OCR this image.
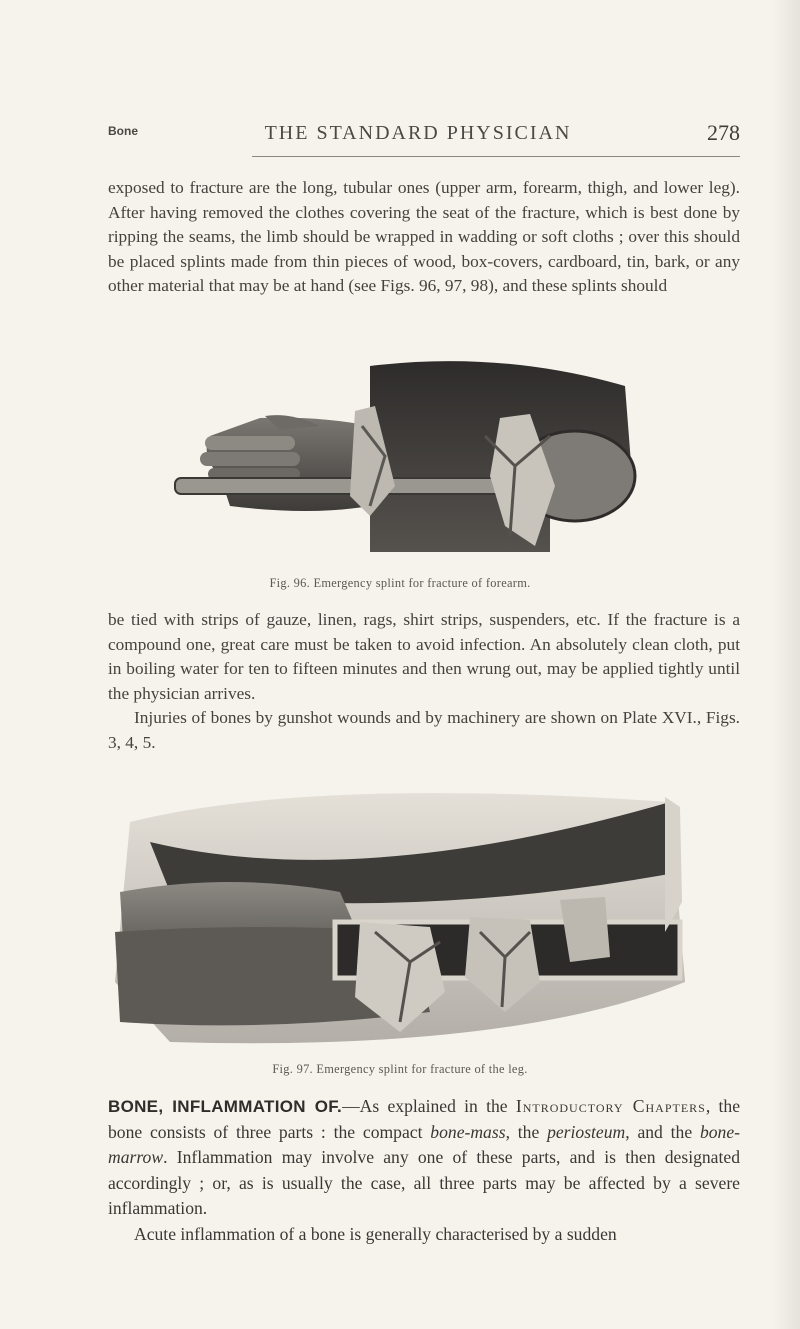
Bone	THE STANDARD PHYSICIAN	278

exposed to fracture are the long, tubular ones (upper arm, forearm, thigh, and lower leg). After having removed the clothes covering the seat of the fracture, which is best done by ripping the seams, the limb should be wrapped in wadding or soft cloths ; over this should be placed splints made from thin pieces of wood, box-covers, cardboard, tin, bark, or any other material that may be at hand (see Figs. 96, 97, 98), and these splints should

Fig. 96. Emergency splint for fracture of forearm.
be tied with strips of gauze, linen, rags, shirt strips, suspenders, etc. If the fracture is a compound one, great care must be taken to avoid infection. An absolutely clean cloth, put in boiling water for ten to fifteen minutes and then wrung out, may be applied tightly until the physician arrives.
Injuries of bones by gunshot wounds and by machinery are shown on Plate XVI., Figs. 3, 4, 5.
Fig. 97. Emergency splint for fracture of the leg.
BONE, INFLAMMATION OF.—As explained in the Introductory Chapters, the bone consists of three parts : the compact bone-mass, the periosteum, and the bone-marrow. Inflammation may involve any one of these parts, and is then designated accordingly ; or, as is usually the case, all three parts may be affected by a severe inflammation.
Acute inflammation of a bone is generally characterised by a sudden
